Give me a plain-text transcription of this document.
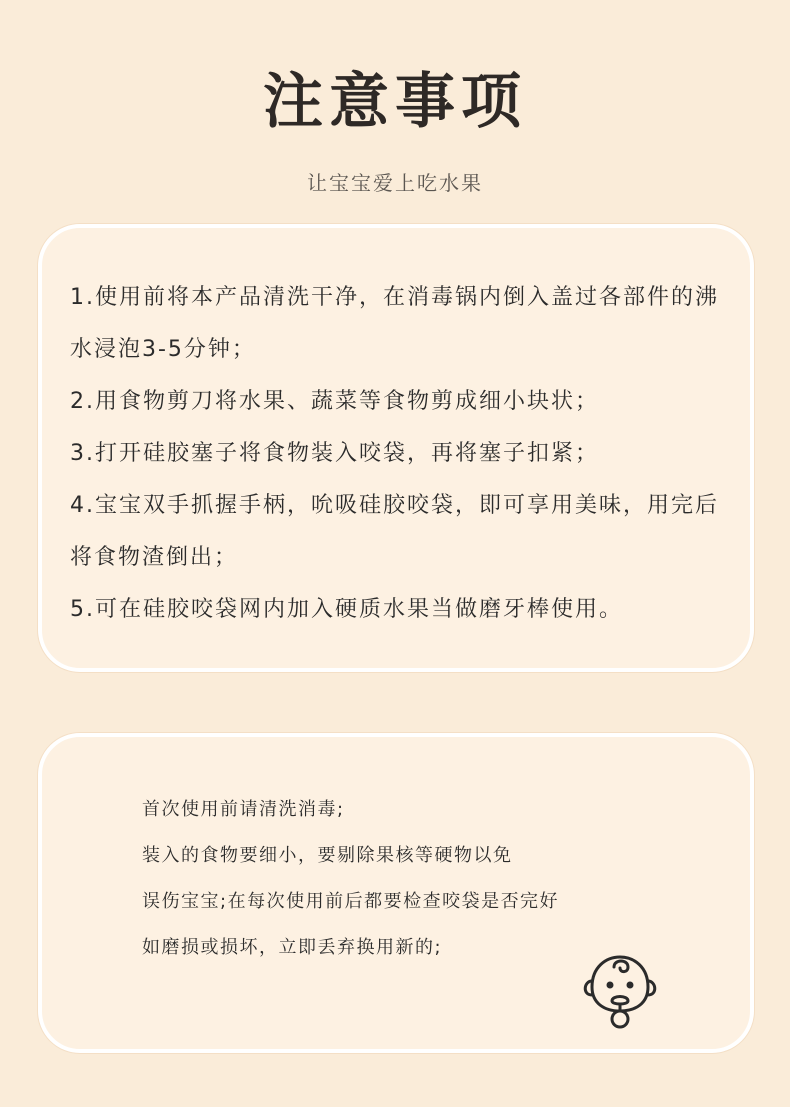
注意事项
让宝宝爱上吃水果
1.使用前将本产品清洗干净，在消毒锅内倒入盖过各部件的沸水浸泡3-5分钟；
2.用食物剪刀将水果、蔬菜等食物剪成细小块状；
3.打开硅胶塞子将食物装入咬袋，再将塞子扣紧；
4.宝宝双手抓握手柄，吮吸硅胶咬袋，即可享用美味，用完后将食物渣倒出；
5.可在硅胶咬袋网内加入硬质水果当做磨牙棒使用。
首次使用前请清洗消毒;
装入的食物要细小，要剔除果核等硬物以免
误伤宝宝;在每次使用前后都要检查咬袋是否完好
如磨损或损坏，立即丢弃换用新的;
